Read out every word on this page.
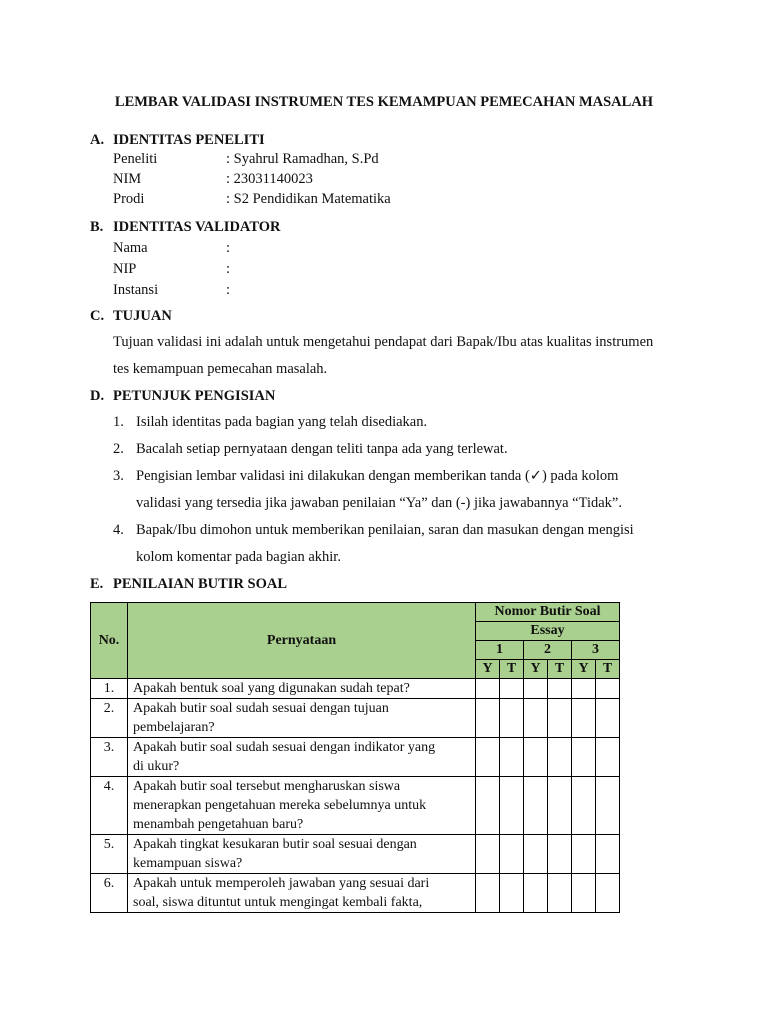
LEMBAR VALIDASI INSTRUMEN TES KEMAMPUAN PEMECAHAN MASALAH
A. IDENTITAS PENELITI
Peneliti	: Syahrul Ramadhan, S.Pd
NIM	: 23031140023
Prodi	: S2 Pendidikan Matematika
B. IDENTITAS VALIDATOR
Nama	:
NIP	:
Instansi	:
C. TUJUAN
Tujuan validasi ini adalah untuk mengetahui pendapat dari Bapak/Ibu atas kualitas instrumen
tes kemampuan pemecahan masalah.
D. PETUNJUK PENGISIAN
1. Isilah identitas pada bagian yang telah disediakan.
2. Bacalah setiap pernyataan dengan teliti tanpa ada yang terlewat.
3. Pengisian lembar validasi ini dilakukan dengan memberikan tanda (✓) pada kolom
validasi yang tersedia jika jawaban penilaian “Ya” dan (-) jika jawabannya “Tidak”.
4. Bapak/Ibu dimohon untuk memberikan penilaian, saran dan masukan dengan mengisi
kolom komentar pada bagian akhir.
E. PENILAIAN BUTIR SOAL
No.	Pernyataan	Nomor Butir Soal					
		Essay					
		1		2		3	
		Y	T	Y	T	Y	T
1.	Apakah bentuk soal yang digunakan sudah tepat?						

2.	Apakah butir soal sudah sesuai dengan tujuan
pembelajaran?						

3.	Apakah butir soal sudah sesuai dengan indikator yang
di ukur?						

4.	Apakah butir soal tersebut mengharuskan siswa
menerapkan pengetahuan mereka sebelumnya untuk
menambah pengetahuan baru?						

5.	Apakah tingkat kesukaran butir soal sesuai dengan
kemampuan siswa?						

6.	Apakah untuk memperoleh jawaban yang sesuai dari
soal, siswa dituntut untuk mengingat kembali fakta,						
